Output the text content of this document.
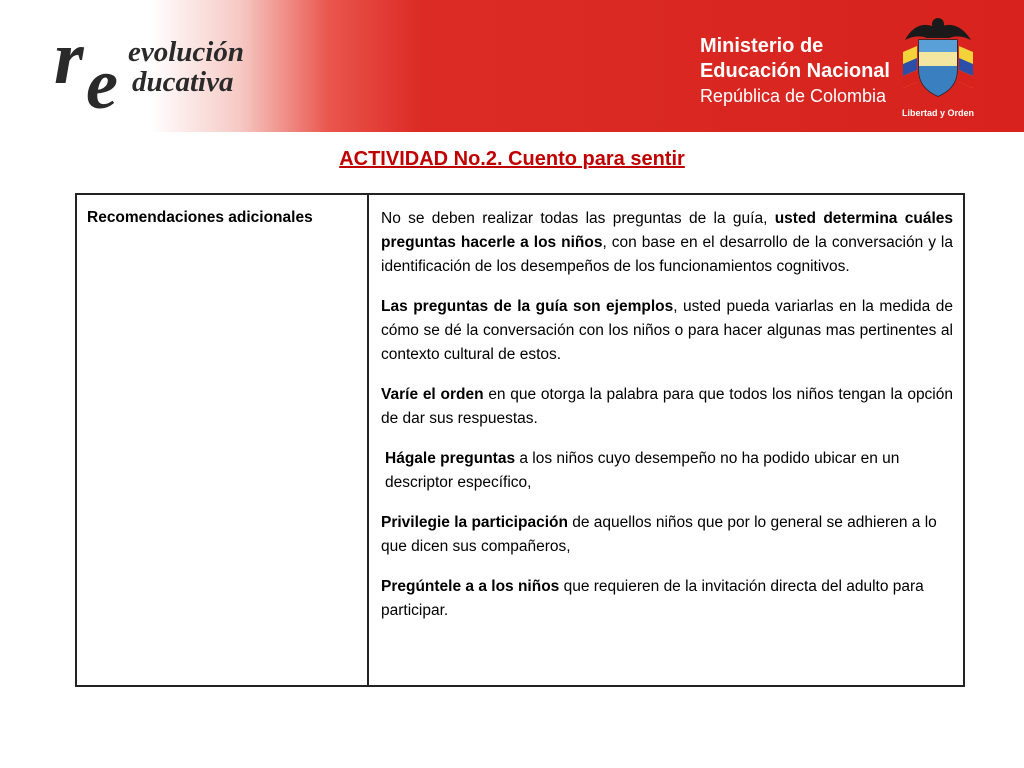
r e evolución
ducativa
Ministerio de
Educación Nacional
República de Colombia
Libertad y Orden
ACTIVIDAD No.2. Cuento para sentir
Recomendaciones adicionales	No se deben realizar todas las preguntas de la guía, usted determina cuáles preguntas hacerle a los niños, con base en el desarrollo de la conversación y la identificación de los desempeños de los funcionamientos cognitivos.

Las preguntas de la guía son ejemplos, usted pueda variarlas en la medida de cómo se dé la conversación con los niños o para hacer algunas mas pertinentes al contexto cultural de estos.

Varíe el orden en que otorga la palabra para que todos los niños tengan la opción de dar sus respuestas.

Hágale preguntas a los niños cuyo desempeño no ha podido ubicar en un descriptor específico,

Privilegie la participación de aquellos niños que por lo general se adhieren a lo que dicen sus compañeros,

Pregúntele a a los niños que requieren de la invitación directa del adulto para participar.
